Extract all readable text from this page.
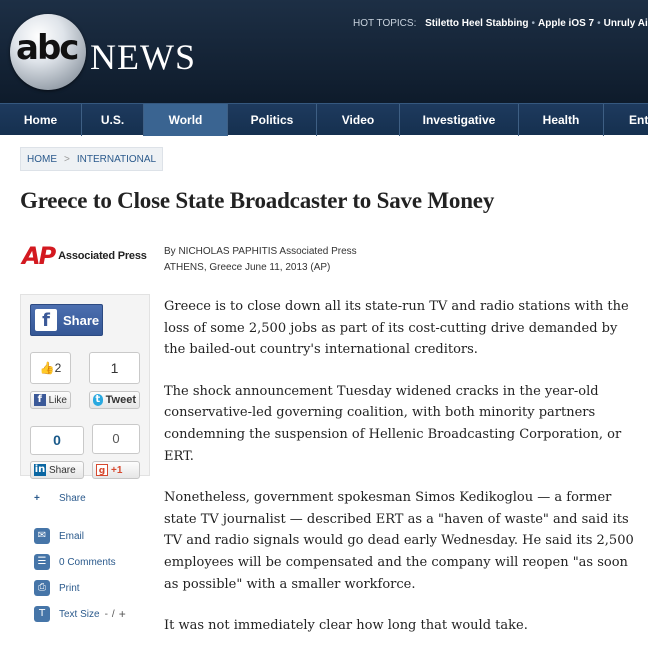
abc NEWS
HOT TOPICS: Stiletto Heel Stabbing • Apple iOS 7 • Unruly Air P
Home	U.S.	World	Politics	Video	Investigative	Health	Ent
HOME > INTERNATIONAL
Greece to Close State Broadcaster to Save Money
AP Associated Press By NICHOLAS PAPHITIS Associated Press
ATHENS, Greece June 11, 2013 (AP)
f	Share
👍2	1
f Like	t Tweet
0	0
in Share	g +1
+	Share
✉	Email
☰	0 Comments
⎙	Print
T	Text Size - / +

Greece is to close down all its state-run TV and radio stations with the loss of some 2,500 jobs as part of its cost-cutting drive demanded by the bailed-out country's international creditors.

The shock announcement Tuesday widened cracks in the year-old conservative-led governing coalition, with both minority partners condemning the suspension of Hellenic Broadcasting Corporation, or ERT.

Nonetheless, government spokesman Simos Kedikoglou — a former state TV journalist — described ERT as a "haven of waste" and said its TV and radio signals would go dead early Wednesday. He said its 2,500 employees will be compensated and the company will reopen "as soon as possible" with a smaller workforce.

It was not immediately clear how long that would take.
